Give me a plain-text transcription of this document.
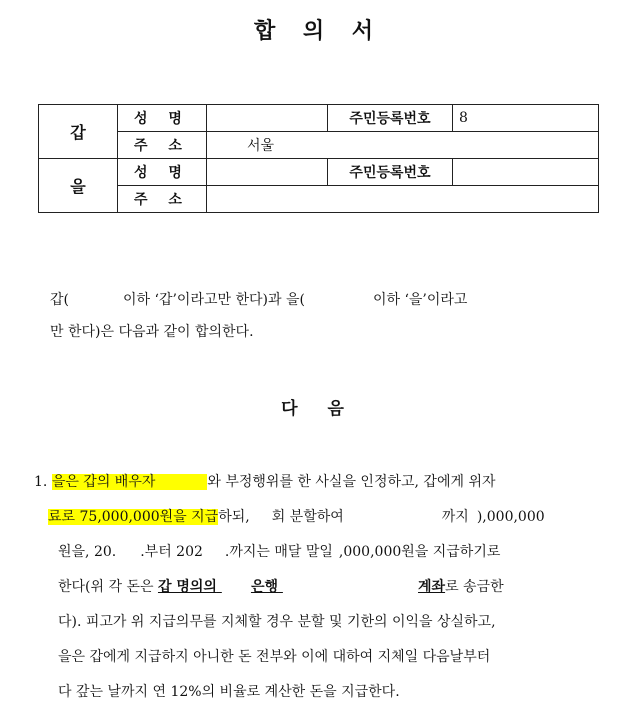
합 의 서
갑	성 명		주민등록번호	8
	주 소	서울		
을	성 명		주민등록번호	
	주 소			

갑(	이하 ‘갑’이라고만 한다)과 을(	이하 ‘을’이라고

만 한다)은 다음과 같이 합의한다.

다 음
1. 을은 갑의 배우자	와 부정행위를 한 사실을 인정하고, 갑에게 위자
료로 75,000,000원을 지급하되, 회 분할하여	까지 ),000,000
원을, 20. .부터 202 .까지는 매달 말일 ,000,000원을 지급하기로
한다(위 각 돈은 갑 명의의 은행	계좌로 송금한
다). 피고가 위 지급의무를 지체할 경우 분할 및 기한의 이익을 상실하고,
을은 갑에게 지급하지 아니한 돈 전부와 이에 대하여 지체일 다음날부터
다 갚는 날까지 연 12%의 비율로 계산한 돈을 지급한다.
